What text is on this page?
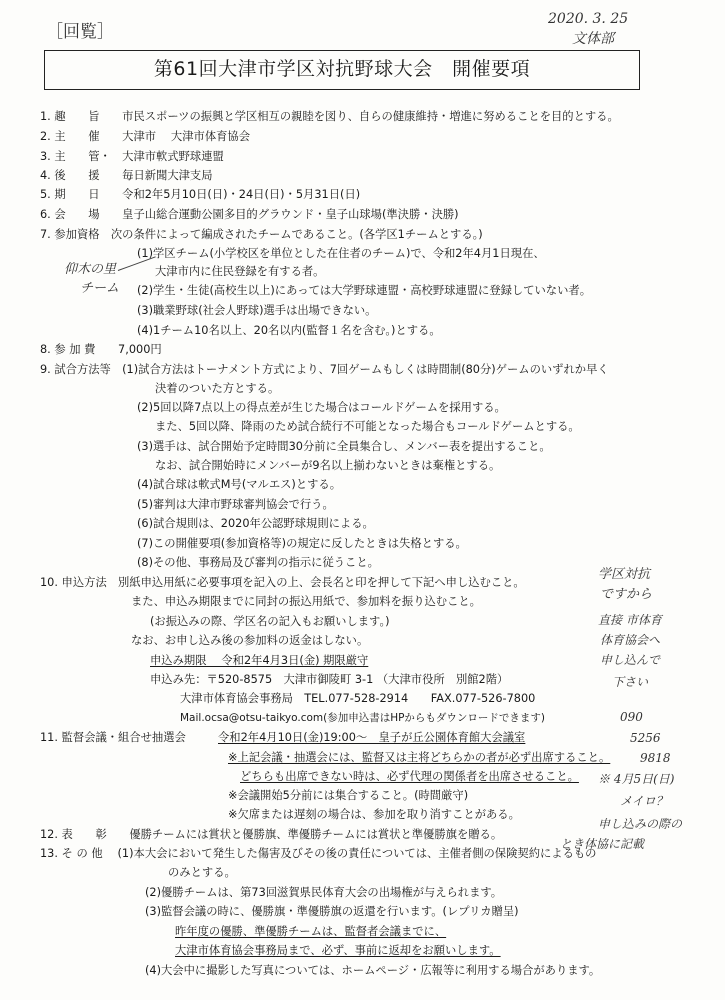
［回覧］
2020. 3. 25
文体部
第61回大津市学区対抗野球大会　開催要項
1. 趣　　旨　　市民スポーツの振興と学区相互の親睦を図り、自らの健康維持・増進に努めることを目的とする。
2. 主　　催　　大津市　 大津市体育協会
3. 主　　管・　大津市軟式野球連盟
4. 後　　援　　毎日新聞大津支局
5. 期　　日　　令和2年5月10日(日)・24日(日)・5月31日(日)
6. 会　　場　　皇子山総合運動公園多目的グラウンド・皇子山球場(準決勝・決勝)
7. 参加資格　次の条件によって編成されたチームであること。(各学区1チームとする。)
(1)学区チーム(小学校区を単位とした在住者のチーム)で、令和2年4月1日現在、
大津市内に住民登録を有する者。
(2)学生・生徒(高校生以上)にあっては大学野球連盟・高校野球連盟に登録していない者。
(3)職業野球(社会人野球)選手は出場できない。
(4)1チーム10名以上、20名以内(監督１名を含む。)とする。
8. 参 加 費　　7,000円
9. 試合方法等　(1)試合方法はトーナメント方式により、7回ゲームもしくは時間制(80分)ゲームのいずれか早く
決着のついた方とする。
(2)5回以降7点以上の得点差が生じた場合はコールドゲームを採用する。
また、5回以降、降雨のため試合続行不可能となった場合もコールドゲームとする。
(3)選手は、試合開始予定時間30分前に全員集合し、メンバー表を提出すること。
なお、試合開始時にメンバーが9名以上揃わないときは棄権とする。
(4)試合球は軟式M号(マルエス)とする。
(5)審判は大津市野球審判協会で行う。
(6)試合規則は、2020年公認野球規則による。
(7)この開催要項(参加資格等)の規定に反したときは失格とする。
(8)その他、事務局及び審判の指示に従うこと。
10. 申込方法　別紙申込用紙に必要事項を記入の上、会長名と印を押して下記へ申し込むこと。
また、申込み期限までに同封の振込用紙で、参加料を振り込むこと。
(お振込みの際、学区名の記入もお願いします。)
なお、お申し込み後の参加料の返金はしない。
申込み期限　 令和2年4月3日(金) 期限厳守
申込み先：〒520-8575　大津市御陵町 3-1 （大津市役所　別館2階）
大津市体育協会事務局　TEL.077-528-2914　　FAX.077-526-7800
Mail.ocsa@otsu-taikyo.com(参加申込書はHPからもダウンロードできます)
11. 監督会議・組合せ抽選会	令和2年4月10日(金)19:00～　皇子が丘公園体育館大会議室
※上記会議・抽選会には、監督又は主将どちらかの者が必ず出席すること。
どちらも出席できない時は、必ず代理の関係者を出席させること。
※会議開始5分前には集合すること。(時間厳守)
※欠席または遅刻の場合は、参加を取り消すことがある。
12. 表　　彰　　優勝チームには賞状と優勝旗、準優勝チームには賞状と準優勝旗を贈る。
13. そ の 他　 (1)本大会において発生した傷害及びその後の責任については、主催者側の保険契約によるもの
のみとする。
(2)優勝チームは、第73回滋賀県民体育大会の出場権が与えられます。
(3)監督会議の時に、優勝旗・準優勝旗の返還を行います。(レプリカ贈呈)
昨年度の優勝、準優勝チームは、監督者会議までに、
大津市体育協会事務局まで、必ず、事前に返却をお願いします。
(4)大会中に撮影した写真については、ホームページ・広報等に利用する場合があります。
仰木の里
チーム
学区対抗
ですから
直接 市体育
体育協会へ
申し込んで
下さい
090
5256
9818
※ 4月5日(日)
メイロ？
申し込みの際の
とき体協に記載
